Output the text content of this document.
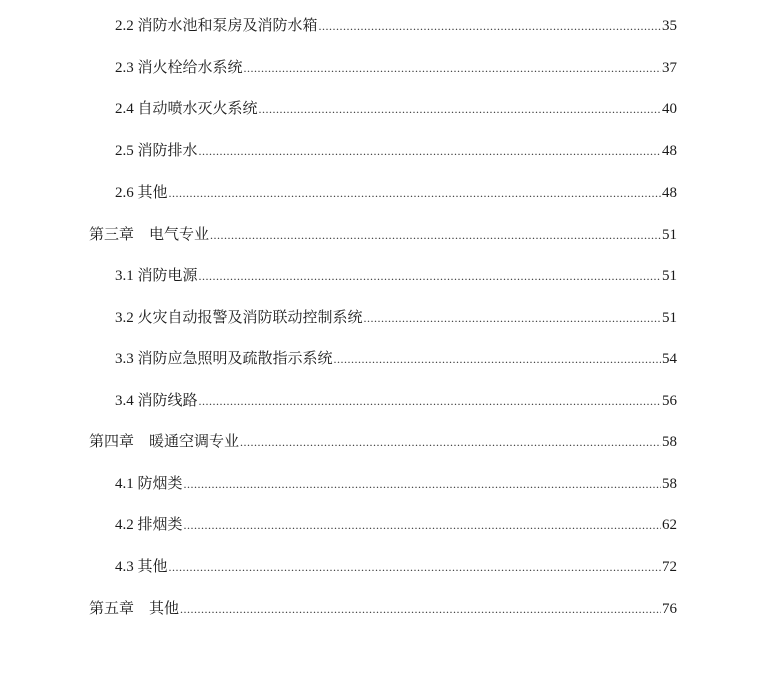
2.2 消防水池和泵房及消防水箱 .....	35
2.3 消火栓给水系统 .....	37
2.4 自动喷水灭火系统 .....	40
2.5 消防排水 .....	48
2.6 其他 .....	48
第三章　电气专业 .....	51
3.1 消防电源 .....	51
3.2 火灾自动报警及消防联动控制系统 .....	51
3.3 消防应急照明及疏散指示系统 .....	54
3.4 消防线路 .....	56
第四章　暖通空调专业 .....	58
4.1 防烟类 .....	58
4.2 排烟类 .....	62
4.3 其他 .....	72
第五章　其他 .....	76
